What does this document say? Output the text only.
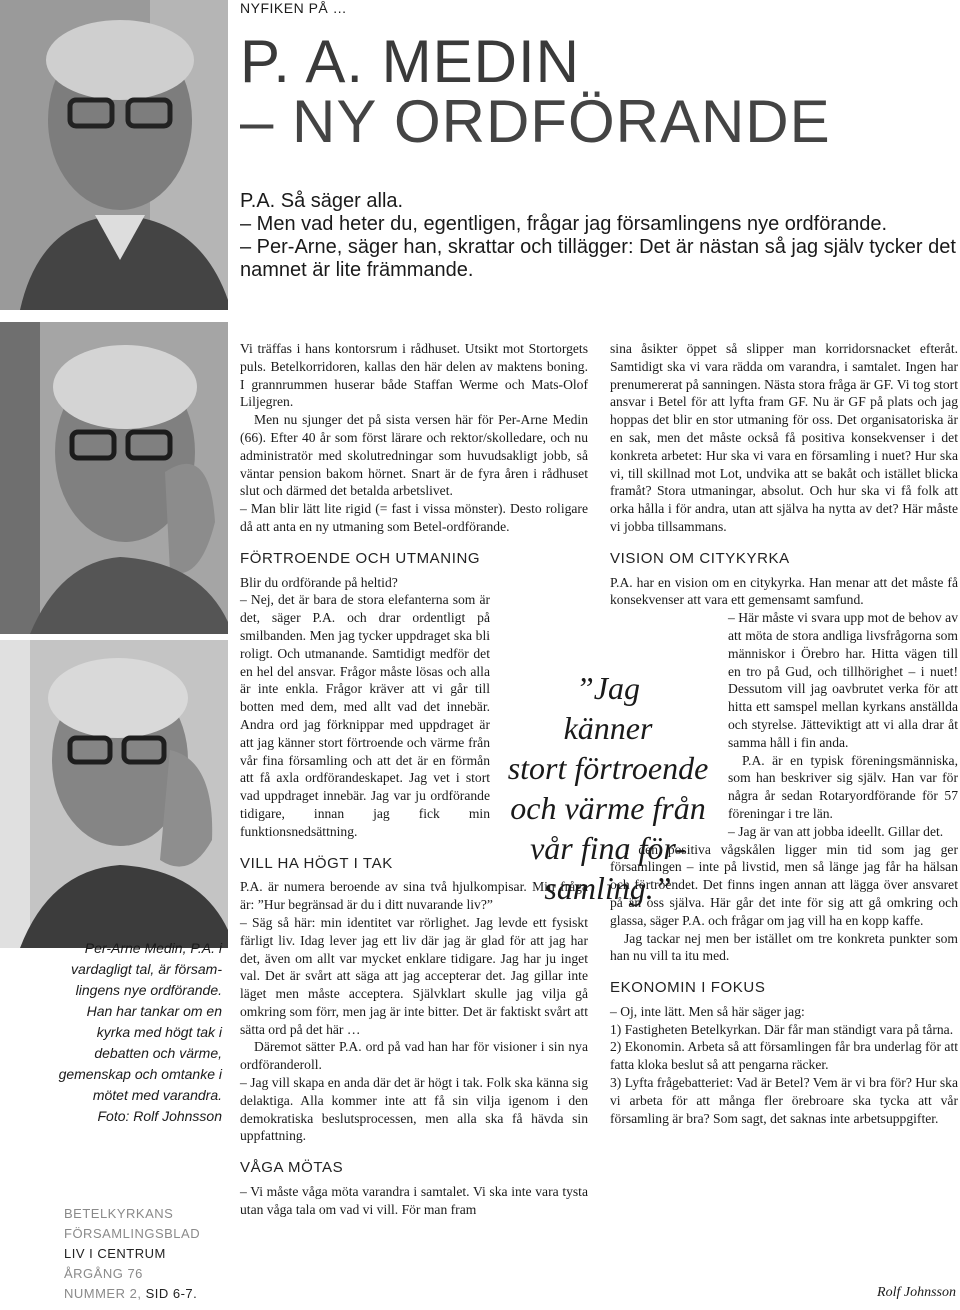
NYFIKEN PÅ …
P. A. MEDIN
– NY ORDFÖRANDE

P.A. Så säger alla.

– Men vad heter du, egentligen, frågar jag församlingens nye ordförande.

– Per-Arne, säger han, skrattar och tillägger: Det är nästan så jag själv tycker det namnet är lite främmande.

Per-Arne Medin, P.A. i

vardagligt tal, är försam-

lingens nye ordförande.

Han har tankar om en

kyrka med högt tak i

debatten och värme,

gemenskap och omtanke i

mötet med varandra.

Foto: Rolf Johnsson

BETELKYRKANS
FÖRSAMLINGSBLAD
LIV I CENTRUM
ÅRGÅNG 76
NUMMER 2, SID 6-7.

Vi träffas i hans kontorsrum i rådhuset. Utsikt mot Stortorgets puls. Betelkorridoren, kallas den här delen av maktens boning. I grannrummen huserar både Staffan Werme och Mats-Olof Liljegren.

Men nu sjunger det på sista versen här för Per-Arne Medin (66). Efter 40 år som först lärare och rektor/skolledare, och nu administratör med skolutredningar som huvudsakligt jobb, så väntar pension bakom hörnet. Snart är de fyra åren i rådhuset slut och därmed det betalda arbetslivet.

– Man blir lätt lite rigid (= fast i vissa mönster). Desto roligare då att anta en ny utmaning som Betel-ordförande.

FÖRTROENDE OCH UTMANING

Blir du ordförande på heltid?

– Nej, det är bara de stora elefanterna som är det, säger P.A. och drar ordentligt på smilbanden. Men jag tycker uppdraget ska bli roligt. Och utmanande. Samtidigt medför det en hel del ansvar. Frågor måste lösas och alla är inte enkla. Frågor kräver att vi går till botten med dem, med allt vad det innebär. Andra ord jag förknippar med uppdraget är att jag känner stort förtroende och värme från vår fina församling och att det är en förmån att få axla ordförandeskapet. Jag vet i stort vad uppdraget innebär. Jag var ju ordförande tidigare, innan jag fick min funktionsnedsättning.

VILL HA HÖGT I TAK

P.A. är numera beroende av sina två hjulkompisar. Min fråga är: ”Hur begränsad är du i ditt nuvarande liv?”

– Säg så här: min identitet var rörlighet. Jag levde ett fysiskt färligt liv. Idag lever jag ett liv där jag är glad för att jag har det, även om allt var mycket enklare tidigare. Jag har ju inget val. Det är svårt att säga att jag accepterar det. Jag gillar inte läget men måste acceptera. Självklart skulle jag vilja gå omkring som förr, men jag är inte bitter. Det är faktiskt svårt att sätta ord på det här …

Däremot sätter P.A. ord på vad han har för visioner i sin nya ordföranderoll.

– Jag vill skapa en anda där det är högt i tak. Folk ska känna sig delaktiga. Alla kommer inte att få sin vilja igenom i den demokratiska beslutsprocessen, men alla ska få hävda sin uppfattning.

VÅGA MÖTAS

– Vi måste våga möta varandra i samtalet. Vi ska inte vara tysta utan våga tala om vad vi vill. För man fram

sina åsikter öppet så slipper man korridorsnacket efteråt. Samtidigt ska vi vara rädda om varandra, i samtalet. Ingen har prenumererat på sanningen. Nästa stora fråga är GF. Vi tog stort ansvar i Betel för att lyfta fram GF. Nu är GF på plats och jag hoppas det blir en stor utmaning för oss. Det organisatoriska är en sak, men det måste också få positiva konsekvenser i det konkreta arbetet: Hur ska vi vara en församling i nuet? Hur ska vi, till skillnad mot Lot, undvika att se bakåt och istället blicka framåt? Stora utmaningar, absolut. Och hur ska vi få folk att orka hålla i för andra, utan att själva ha nytta av det? Här måste vi jobba tillsammans.

VISION OM CITYKYRKA

P.A. har en vision om en citykyrka. Han menar att det måste få konsekvenser att vara ett gemensamt samfund.

– Här måste vi svara upp mot de behov av att möta de stora andliga livsfrågorna som människor i Örebro har. Hitta vägen till en tro på Gud, och tillhörighet – i nuet! Dessutom vill jag oavbrutet verka för att hitta ett samspel mellan kyrkans anställda och styrelse. Jätteviktigt att vi alla drar åt samma håll i fin anda.

P.A. är en typisk föreningsmänniska, som han beskriver sig själv. Han var för några år sedan Rotaryordförande för 57 föreningar i tre län.

– Jag är van att jobba ideellt. Gillar det.

I den positiva vågskålen ligger min tid som jag ger församlingen – inte på livstid, men så länge jag får ha hälsan och förtroendet. Det finns ingen annan att lägga över ansvaret på än oss själva. Här går det inte för sig att gå omkring och glassa, säger P.A. och frågar om jag vill ha en kopp kaffe.

Jag tackar nej men ber istället om tre konkreta punkter som han nu vill ta itu med.

EKONOMIN I FOKUS

– Oj, inte lätt. Men så här säger jag:

1) Fastigheten Betelkyrkan. Där får man ständigt vara på tårna.

2) Ekonomin. Arbeta så att församlingen får bra underlag för att fatta kloka beslut så att pengarna räcker.

3) Lyfta frågebatteriet: Vad är Betel? Vem är vi bra för? Hur ska vi arbeta för att många fler örebroare ska tycka att vår församling är bra? Som sagt, det saknas inte arbetsuppgifter.

”Jag

känner

stort förtroende

och värme från

vår fina för-

samling.”

Rolf Johnsson
